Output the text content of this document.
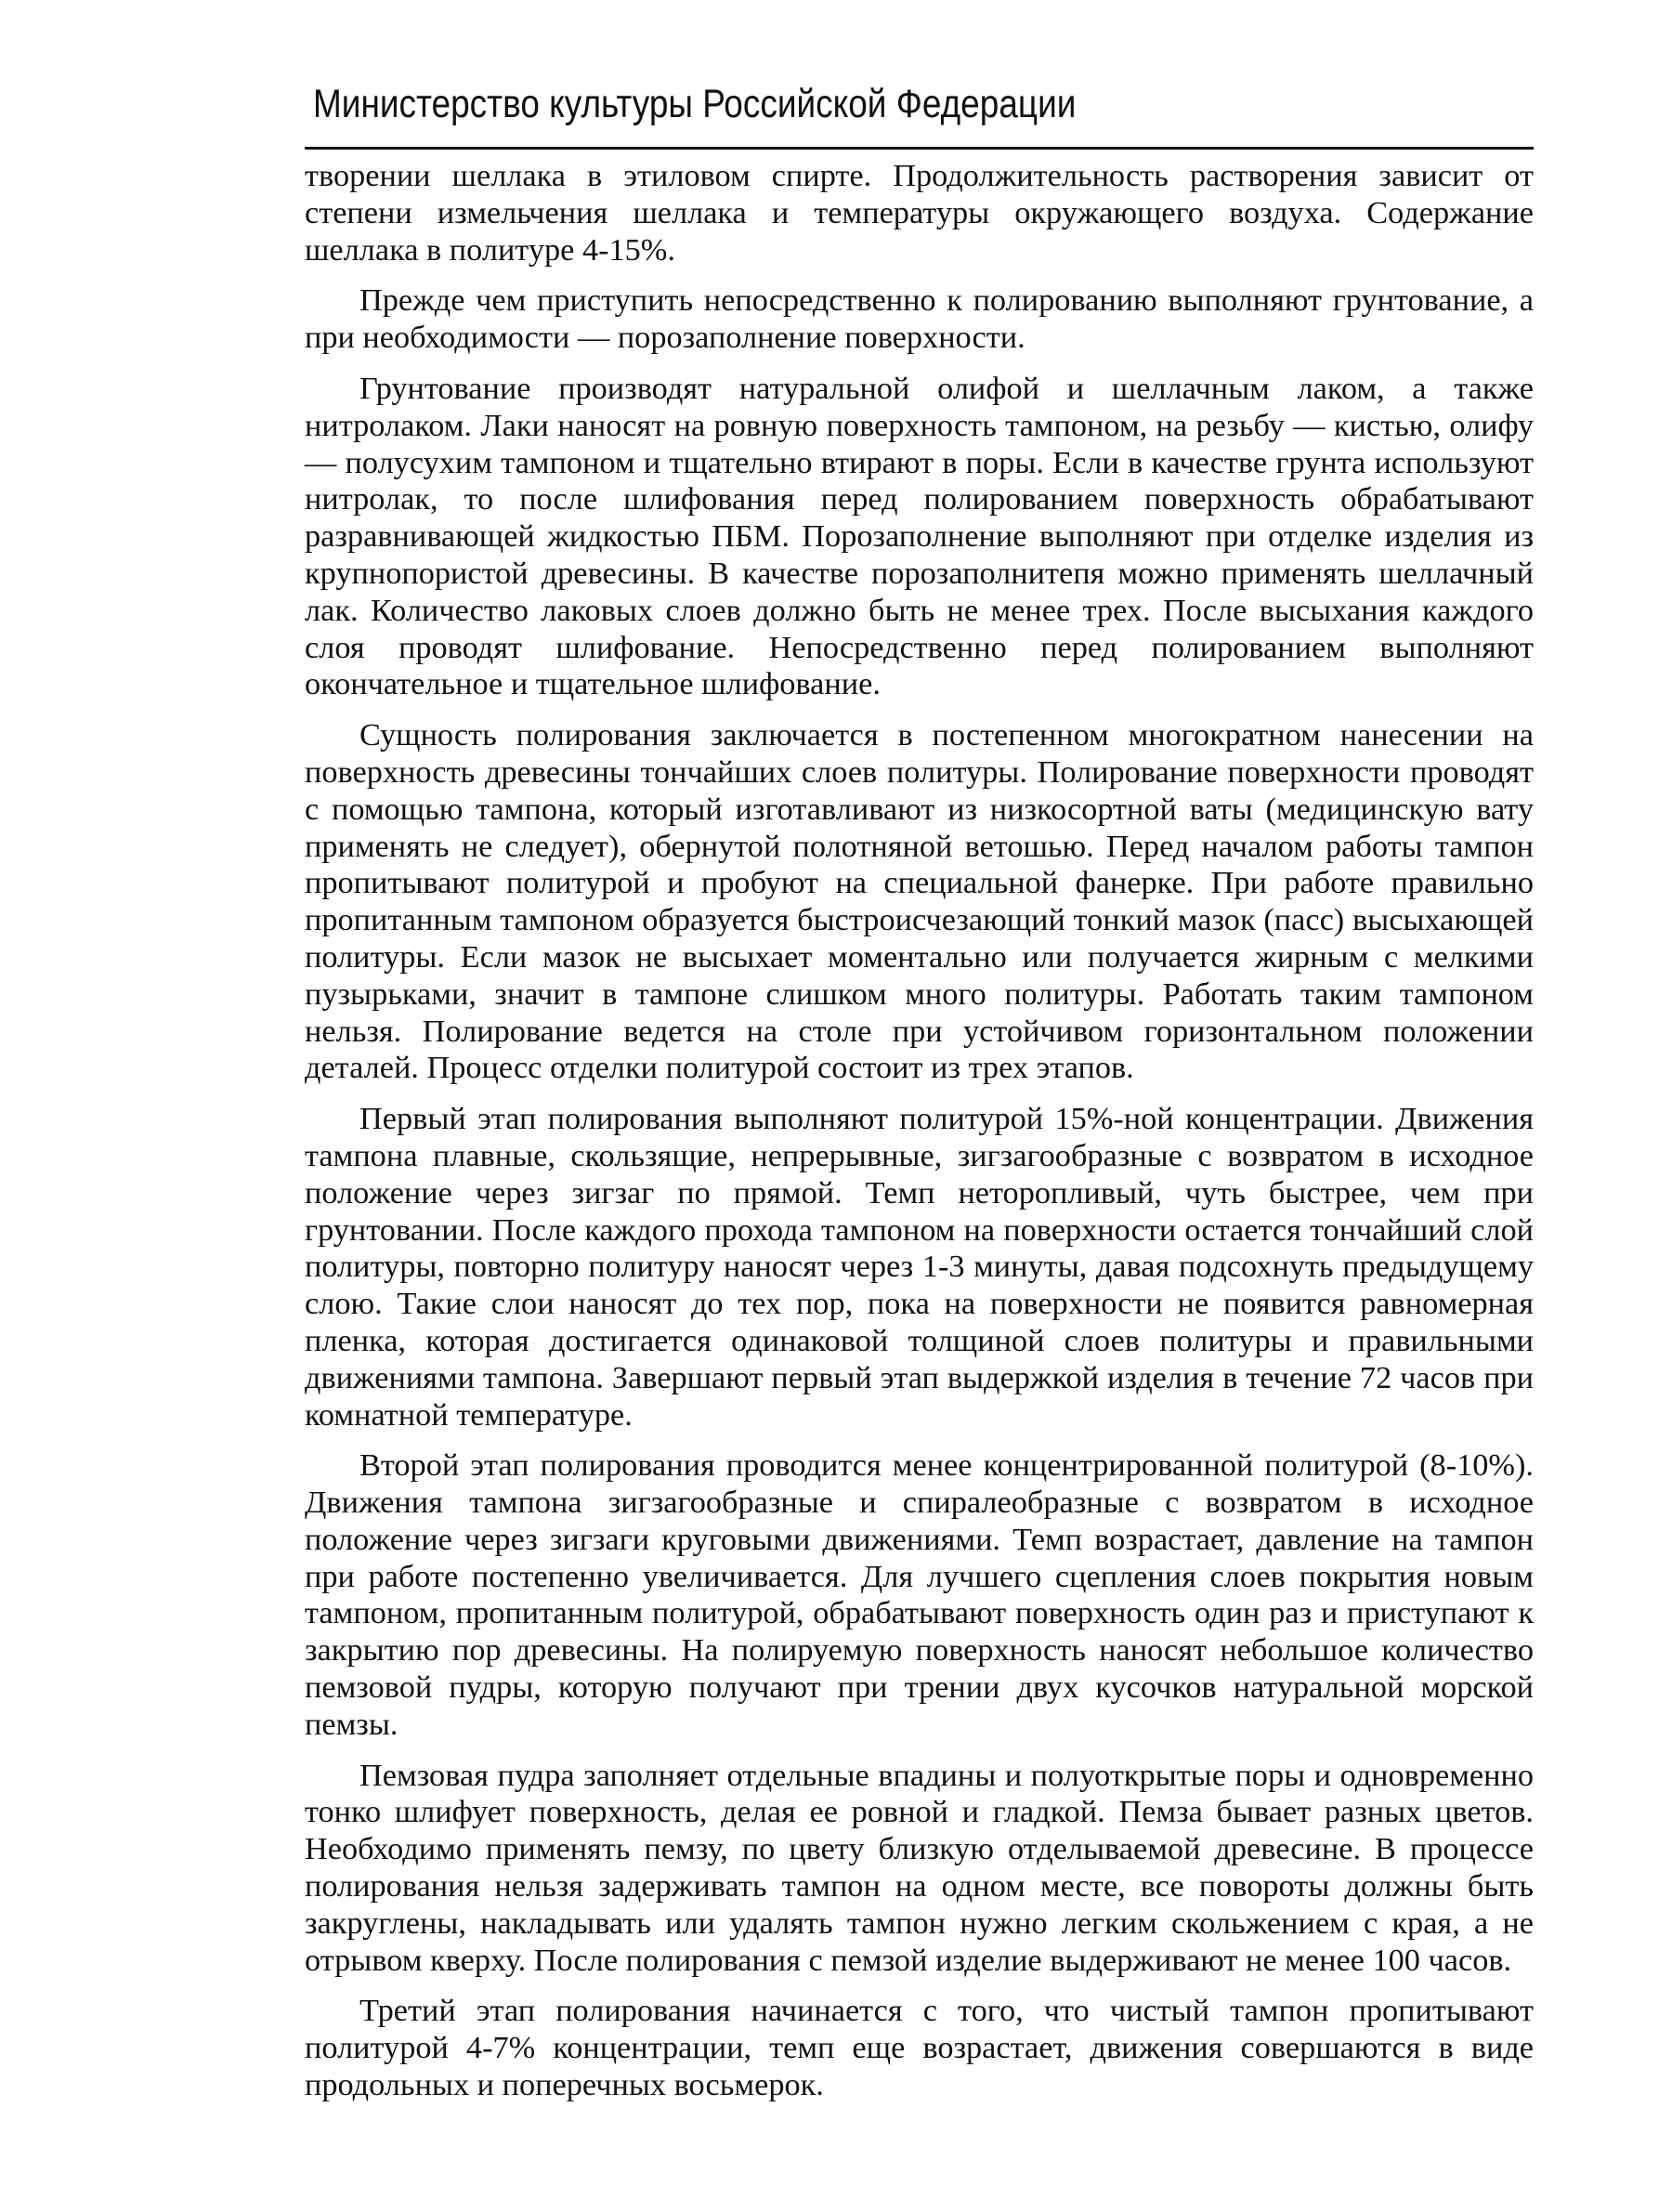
Министерство культуры Российской Федерации

творении шеллака в этиловом спирте. Продолжительность растворения зависит от степени измельчения шеллака и температуры окружающего воздуха. Содержание шеллака в политуре 4-15%.

Прежде чем приступить непосредственно к полированию выполняют грунтование, а при необходимости — порозаполнение поверхности.

Грунтование производят натуральной олифой и шеллачным лаком, а также нитролаком. Лаки наносят на ровную поверхность тампоном, на резьбу — кистью, олифу — полусухим тампоном и тщательно втирают в поры. Если в качестве грунта используют нитролак, то после шлифования перед полированием поверхность обрабатывают разравнивающей жидкостью ПБМ. Порозаполнение выполняют при отделке изделия из крупнопористой древесины. В качестве порозаполнитепя можно применять шеллачный лак. Количество лаковых слоев должно быть не менее трех. После высыхания каждого слоя проводят шлифование. Непосредственно перед полированием выполняют окончательное и тщательное шлифование.

Сущность полирования заключается в постепенном многократном нанесении на поверхность древесины тончайших слоев политуры. Полирование поверхности проводят с помощью тампона, который изготавливают из низкосортной ваты (медицинскую вату применять не следует), обернутой полотняной ветошью. Перед началом работы тампон пропитывают политурой и пробуют на специальной фанерке. При работе правильно пропитанным тампоном образуется быстроисчезающий тонкий мазок (пасс) высыхающей политуры. Если мазок не высыхает моментально или получается жирным с мелкими пузырьками, значит в тампоне слишком много политуры. Работать таким тампоном нельзя. Полирование ведется на столе при устойчивом горизонтальном положении деталей. Процесс отделки политурой состоит из трех этапов.

Первый этап полирования выполняют политурой 15%-ной концентрации. Движения тампона плавные, скользящие, непрерывные, зигзагообразные с возвратом в исходное положение через зигзаг по прямой. Темп неторопливый, чуть быстрее, чем при грунтовании. После каждого прохода тампоном на поверхности остается тончайший слой политуры, повторно политуру наносят через 1-3 минуты, давая подсохнуть предыдущему слою. Такие слои наносят до тех пор, пока на поверхности не появится равномерная пленка, которая достигается одинаковой толщиной слоев политуры и правильными движениями тампона. Завершают первый этап выдержкой изделия в течение 72 часов при комнатной температуре.

Второй этап полирования проводится менее концентрированной политурой (8-10%). Движения тампона зигзагообразные и спиралеобразные с возвратом в исходное положение через зигзаги круговыми движениями. Темп возрастает, давление на тампон при работе постепенно увеличивается. Для лучшего сцепления слоев покрытия новым тампоном, пропитанным политурой, обрабатывают поверхность один раз и приступают к закрытию пор древесины. На полируемую поверхность наносят небольшое количество пемзовой пудры, которую получают при трении двух кусочков натуральной морской пемзы.

Пемзовая пудра заполняет отдельные впадины и полуоткрытые поры и одновременно тонко шлифует поверхность, делая ее ровной и гладкой. Пемза бывает разных цветов. Необходимо применять пемзу, по цвету близкую отделываемой древесине. В процессе полирования нельзя задерживать тампон на одном месте, все повороты должны быть закруглены, накладывать или удалять тампон нужно легким скольжением с края, а не отрывом кверху. После полирования с пемзой изделие выдерживают не менее 100 часов.

Третий этап полирования начинается с того, что чистый тампон пропитывают политурой 4-7% концентрации, темп еще возрастает, движения совершаются в виде продольных и поперечных восьмерок.
